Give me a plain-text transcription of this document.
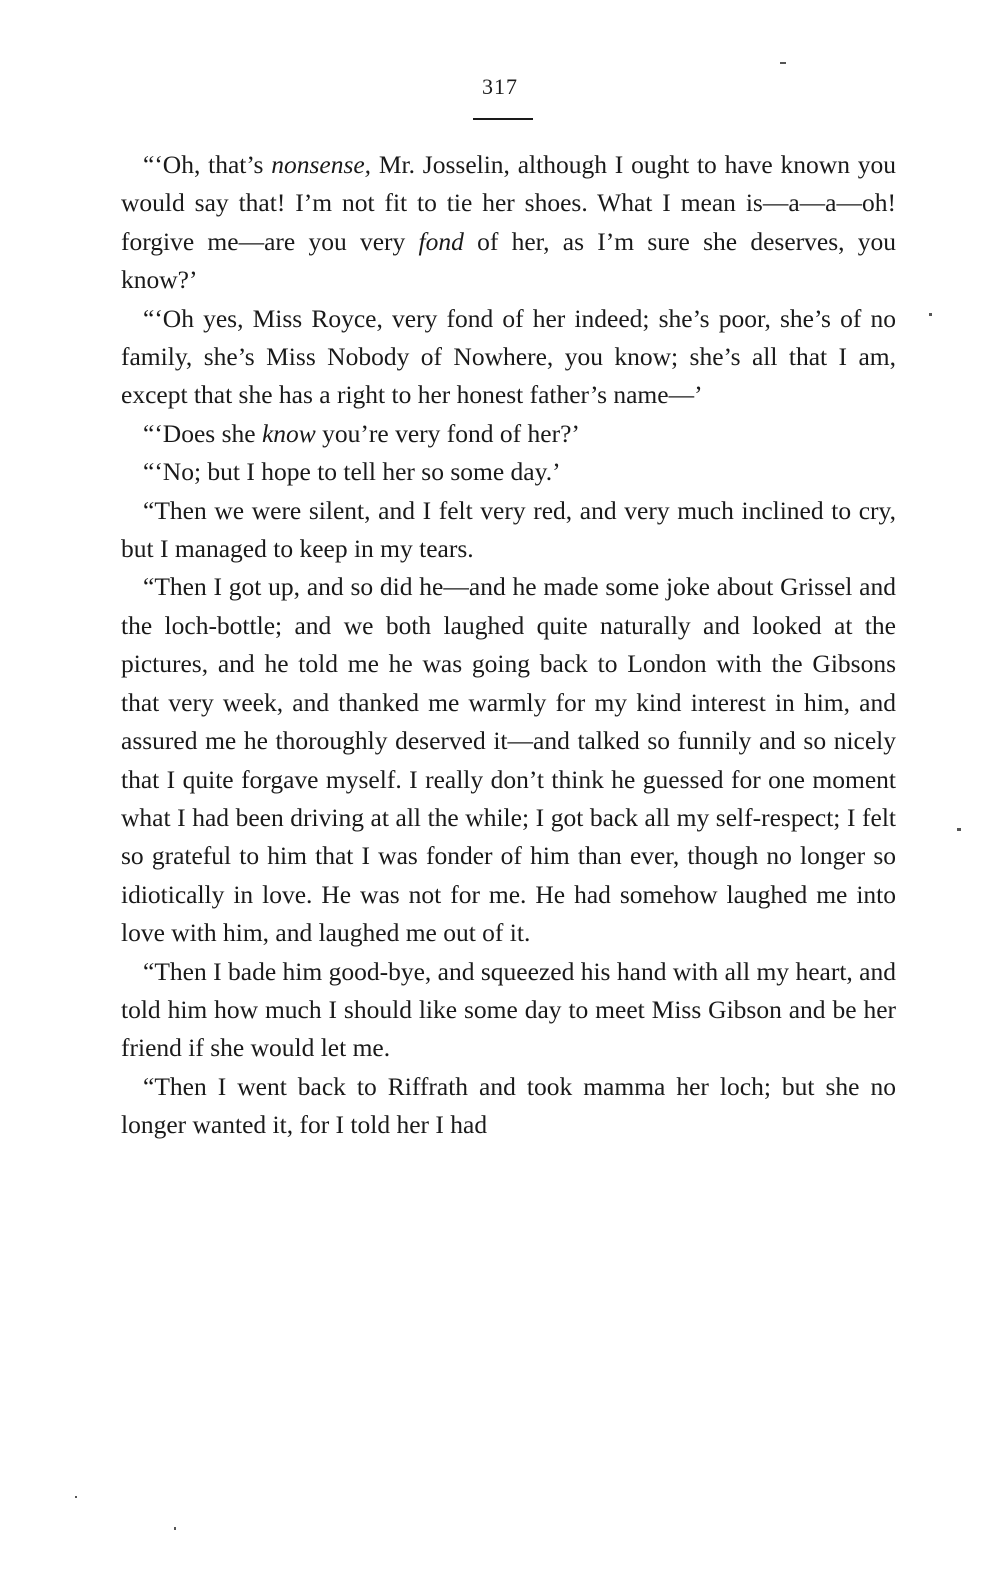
317

“‘Oh, that’s nonsense, Mr. Josselin, although I ought to have known you would say that! I’m not fit to tie her shoes. What I mean is—a—a—oh! forgive me—are you very fond of her, as I’m sure she deserves, you know?’

“‘Oh yes, Miss Royce, very fond of her indeed; she’s poor, she’s of no family, she’s Miss Nobody of Nowhere, you know; she’s all that I am, except that she has a right to her honest father’s name—’

“‘Does she know you’re very fond of her?’

“‘No; but I hope to tell her so some day.’

“Then we were silent, and I felt very red, and very much inclined to cry, but I managed to keep in my tears.

“Then I got up, and so did he—and he made some joke about Grissel and the loch-bottle; and we both laughed quite naturally and looked at the pictures, and he told me he was going back to London with the Gibsons that very week, and thanked me warmly for my kind interest in him, and assured me he thoroughly deserved it—and talked so funnily and so nicely that I quite forgave myself. I really don’t think he guessed for one moment what I had been driving at all the while; I got back all my self-respect; I felt so grateful to him that I was fonder of him than ever, though no longer so idiotically in love. He was not for me. He had somehow laughed me into love with him, and laughed me out of it.

“Then I bade him good-bye, and squeezed his hand with all my heart, and told him how much I should like some day to meet Miss Gibson and be her friend if she would let me.

“Then I went back to Riffrath and took mamma her loch; but she no longer wanted it, for I told her I had
